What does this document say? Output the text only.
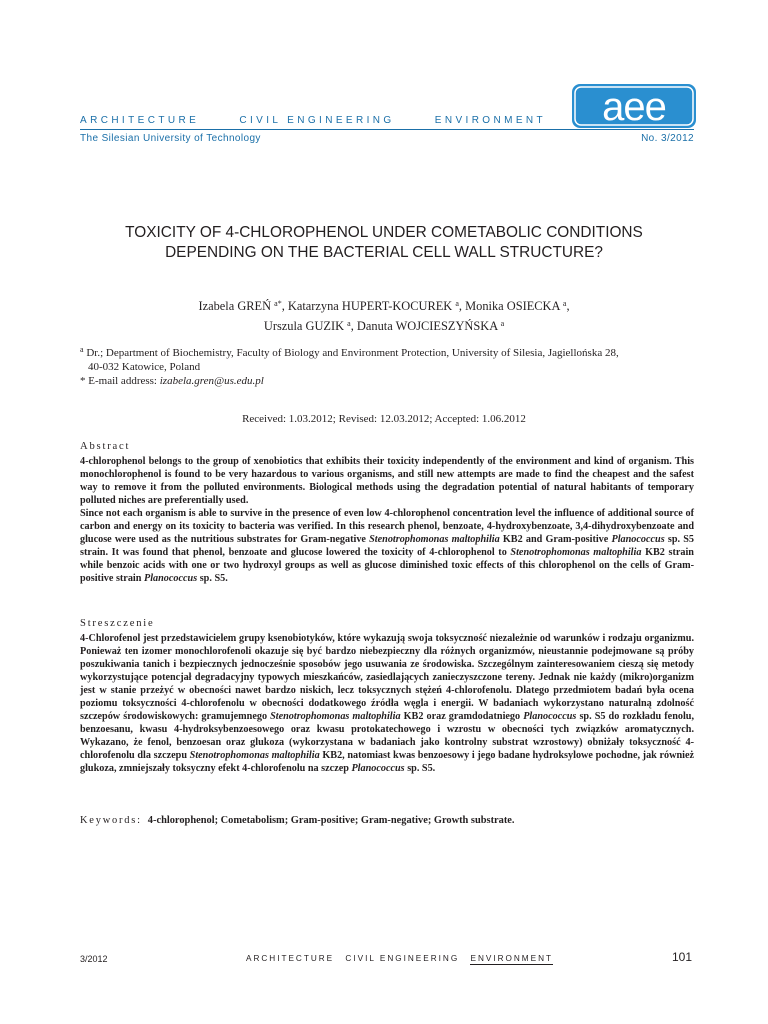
ARCHITECTURE	CIVIL ENGINEERING	ENVIRONMENT
The Silesian University of Technology	No. 3/2012
aee
TOXICITY OF 4-CHLOROPHENOL UNDER COMETABOLIC CONDITIONS
DEPENDING ON THE BACTERIAL CELL WALL STRUCTURE?
Izabela GREŃ $^{a*}$, Katarzyna HUPERT-KOCUREK $^a$, Monika OSIECKA $^a$,
Urszula GUZIK $^a$, Danuta WOJCIESZYŃSKA $^a$
$^a$ Dr.; Department of Biochemistry, Faculty of Biology and Environment Protection, University of Silesia, Jagiellońska 28,
40-032 Katowice, Poland
* E-mail address: izabela.gren@us.edu.pl
Received: 1.03.2012; Revised: 12.03.2012; Accepted: 1.06.2012
Abstract

4-chlorophenol belongs to the group of xenobiotics that exhibits their toxicity independently of the environment and kind of organism. This monochlorophenol is found to be very hazardous to various organisms, and still new attempts are made to find the cheapest and the safest way to remove it from the polluted environments. Biological methods using the degradation potential of natural habitants of temporary polluted niches are preferentially used.

Since not each organism is able to survive in the presence of even low 4-chlorophenol concentration level the influence of additional source of carbon and energy on its toxicity to bacteria was verified. In this research phenol, benzoate, 4-hydroxybenzoate, 3,4-dihydroxybenzoate and glucose were used as the nutritious substrates for Gram-negative Stenotrophomonas maltophilia KB2 and Gram-positive Planococcus sp. S5 strain. It was found that phenol, benzoate and glucose lowered the toxicity of 4-chlorophenol to Stenotrophomonas maltophilia KB2 strain while benzoic acids with one or two hydroxyl groups as well as glucose diminished toxic effects of this chlorophenol on the cells of Gram-positive strain Planococcus sp. S5.

Streszczenie

4-Chlorofenol jest przedstawicielem grupy ksenobiotyków, które wykazują swoja toksyczność niezależnie od warunków i rodzaju organizmu. Ponieważ ten izomer monochlorofenoli okazuje się być bardzo niebezpieczny dla różnych organizmów, nieustannie podejmowane są próby poszukiwania tanich i bezpiecznych jednocześnie sposobów jego usuwania ze środowiska. Szczególnym zainteresowaniem cieszą się metody wykorzystujące potencjał degradacyjny typowych mieszkańców, zasiedlających zanieczyszczone tereny. Jednak nie każdy (mikro)organizm jest w stanie przeżyć w obecności nawet bardzo niskich, lecz toksycznych stężeń 4-chlorofenolu. Dlatego przedmiotem badań była ocena poziomu toksyczności 4-chlorofenolu w obecności dodatkowego źródła węgla i energii. W badaniach wykorzystano naturalną zdolność szczepów środowiskowych: gramujemnego Stenotrophomonas maltophilia KB2 oraz gramdodatniego Planococcus sp. S5 do rozkładu fenolu, benzoesanu, kwasu 4-hydroksybenzoesowego oraz kwasu protokatechowego i wzrostu w obecności tych związków aromatycznych. Wykazano, że fenol, benzoesan oraz glukoza (wykorzystana w badaniach jako kontrolny substrat wzrostowy) obniżały toksyczność 4-chlorofenolu dla szczepu Stenotrophomonas maltophilia KB2, natomiast kwas benzoesowy i jego badane hydroksylowe pochodne, jak również glukoza, zmniejszały toksyczny efekt 4-chlorofenolu na szczep Planococcus sp. S5.

Keywords: 4-chlorophenol; Cometabolism; Gram-positive; Gram-negative; Growth substrate.
3/2012	ARCHITECTURE CIVIL ENGINEERING ENVIRONMENT	101
